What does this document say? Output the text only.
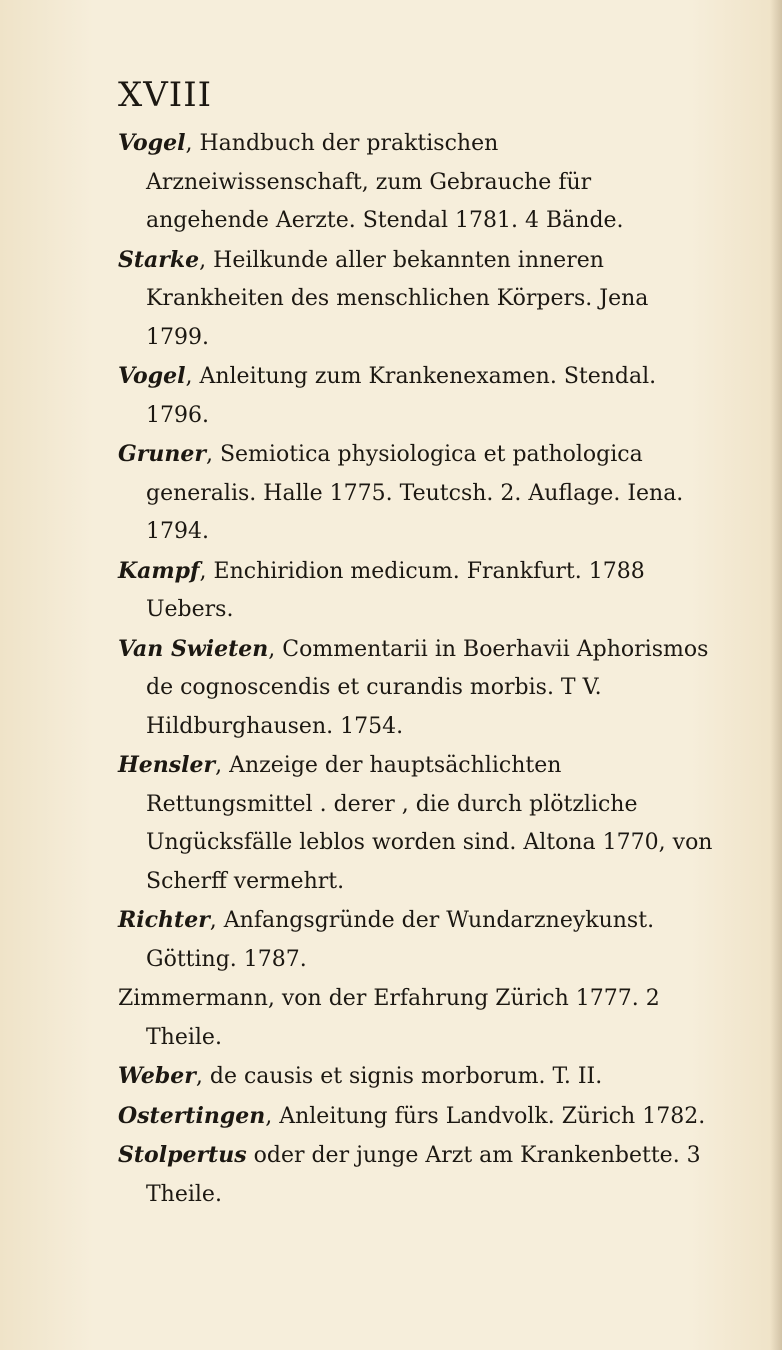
XVIII
Vogel, Handbuch der praktischen Arzneiwissenschaft, zum Gebrauche für angehende Aerzte. Stendal 1781. 4 Bände.
Starke, Heilkunde aller bekannten inneren Krankheiten des menschlichen Körpers. Jena 1799.
Vogel, Anleitung zum Krankenexamen. Stendal. 1796.
Gruner, Semiotica physiologica et pathologica generalis. Halle 1775. Teutcsh. 2. Auflage. Iena. 1794.
Kampf, Enchiridion medicum. Frankfurt. 1788 Uebers.
Van Swieten, Commentarii in Boerhavii Aphorismos de cognoscendis et curandis morbis. T V. Hildburghausen. 1754.
Hensler, Anzeige der hauptsächlichten Rettungsmittel . derer , die durch plötzliche Ungücksfälle leblos worden sind. Altona 1770, von Scherff vermehrt.
Richter, Anfangsgründe der Wundarzneykunst. Götting. 1787.
Zimmermann, von der Erfahrung Zürich 1777. 2 Theile.
Weber, de causis et signis morborum. T. II.
Ostertingen, Anleitung fürs Landvolk. Zürich 1782.
Stolpertus oder der junge Arzt am Krankenbette. 3 Theile.
